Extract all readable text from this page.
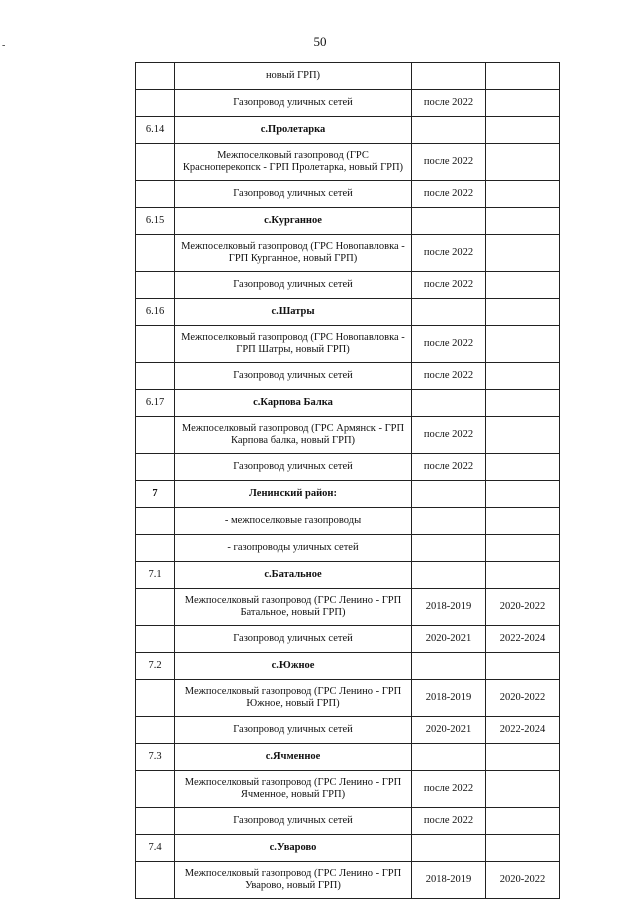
50
-
	новый ГРП)		
	Газопровод уличных сетей	после 2022	
6.14	с.Пролетарка		
	Межпоселковый газопровод (ГРС Красноперекопск - ГРП Пролетарка, новый ГРП)	после 2022	
	Газопровод уличных сетей	после 2022	
6.15	с.Курганное		
	Межпоселковый газопровод (ГРС Новопавловка - ГРП Курганное, новый ГРП)	после 2022	
	Газопровод уличных сетей	после 2022	
6.16	с.Шатры		
	Межпоселковый газопровод (ГРС Новопавловка - ГРП Шатры, новый ГРП)	после 2022	
	Газопровод уличных сетей	после 2022	
6.17	с.Карпова Балка		
	Межпоселковый газопровод (ГРС Армянск - ГРП Карпова балка, новый ГРП)	после 2022	
	Газопровод уличных сетей	после 2022	
7	Ленинский район:		
	- межпоселковые газопроводы		
	- газопроводы уличных сетей		
7.1	с.Батальное		
	Межпоселковый газопровод (ГРС Ленино - ГРП Батальное, новый ГРП)	2018-2019	2020-2022
	Газопровод уличных сетей	2020-2021	2022-2024
7.2	с.Южное		
	Межпоселковый газопровод (ГРС Ленино - ГРП Южное, новый ГРП)	2018-2019	2020-2022
	Газопровод уличных сетей	2020-2021	2022-2024
7.3	с.Ячменное		
	Межпоселковый газопровод (ГРС Ленино - ГРП Ячменное, новый ГРП)	после 2022	
	Газопровод уличных сетей	после 2022	
7.4	с.Уварово		
	Межпоселковый газопровод (ГРС Ленино - ГРП Уварово, новый ГРП)	2018-2019	2020-2022
